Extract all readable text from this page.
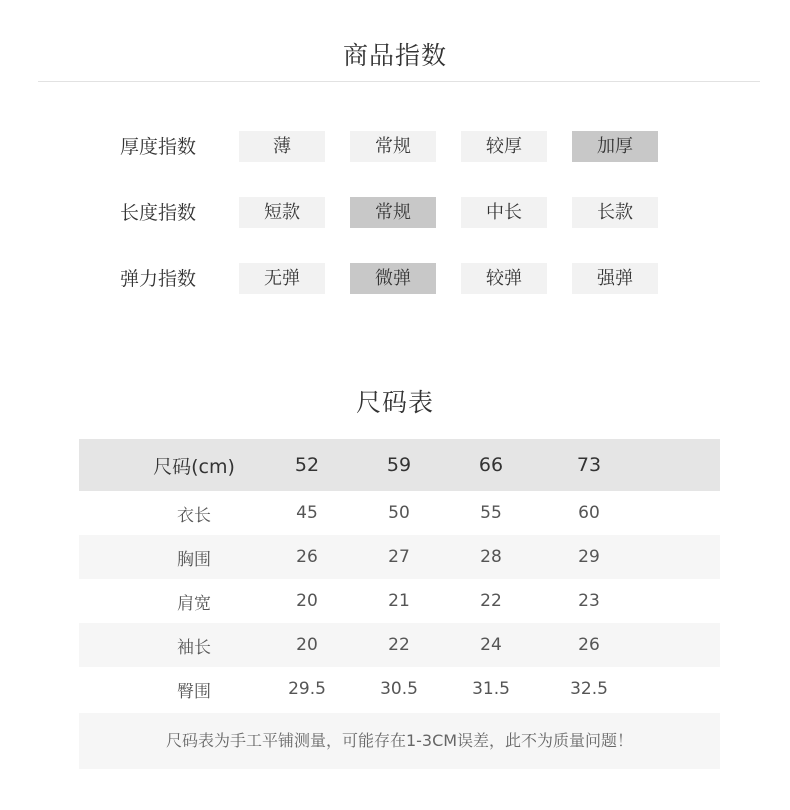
商品指数
厚度指数	薄	常规	较厚	加厚
长度指数	短款	常规	中长	长款
弹力指数	无弹	微弹	较弹	强弹
尺码表
尺码(cm)	52	59	66	73
衣长	45	50	55	60
胸围	26	27	28	29
肩宽	20	21	22	23
袖长	20	22	24	26
臀围	29.5	30.5	31.5	32.5
尺码表为手工平铺测量，可能存在1-3CM误差，此不为质量问题！
